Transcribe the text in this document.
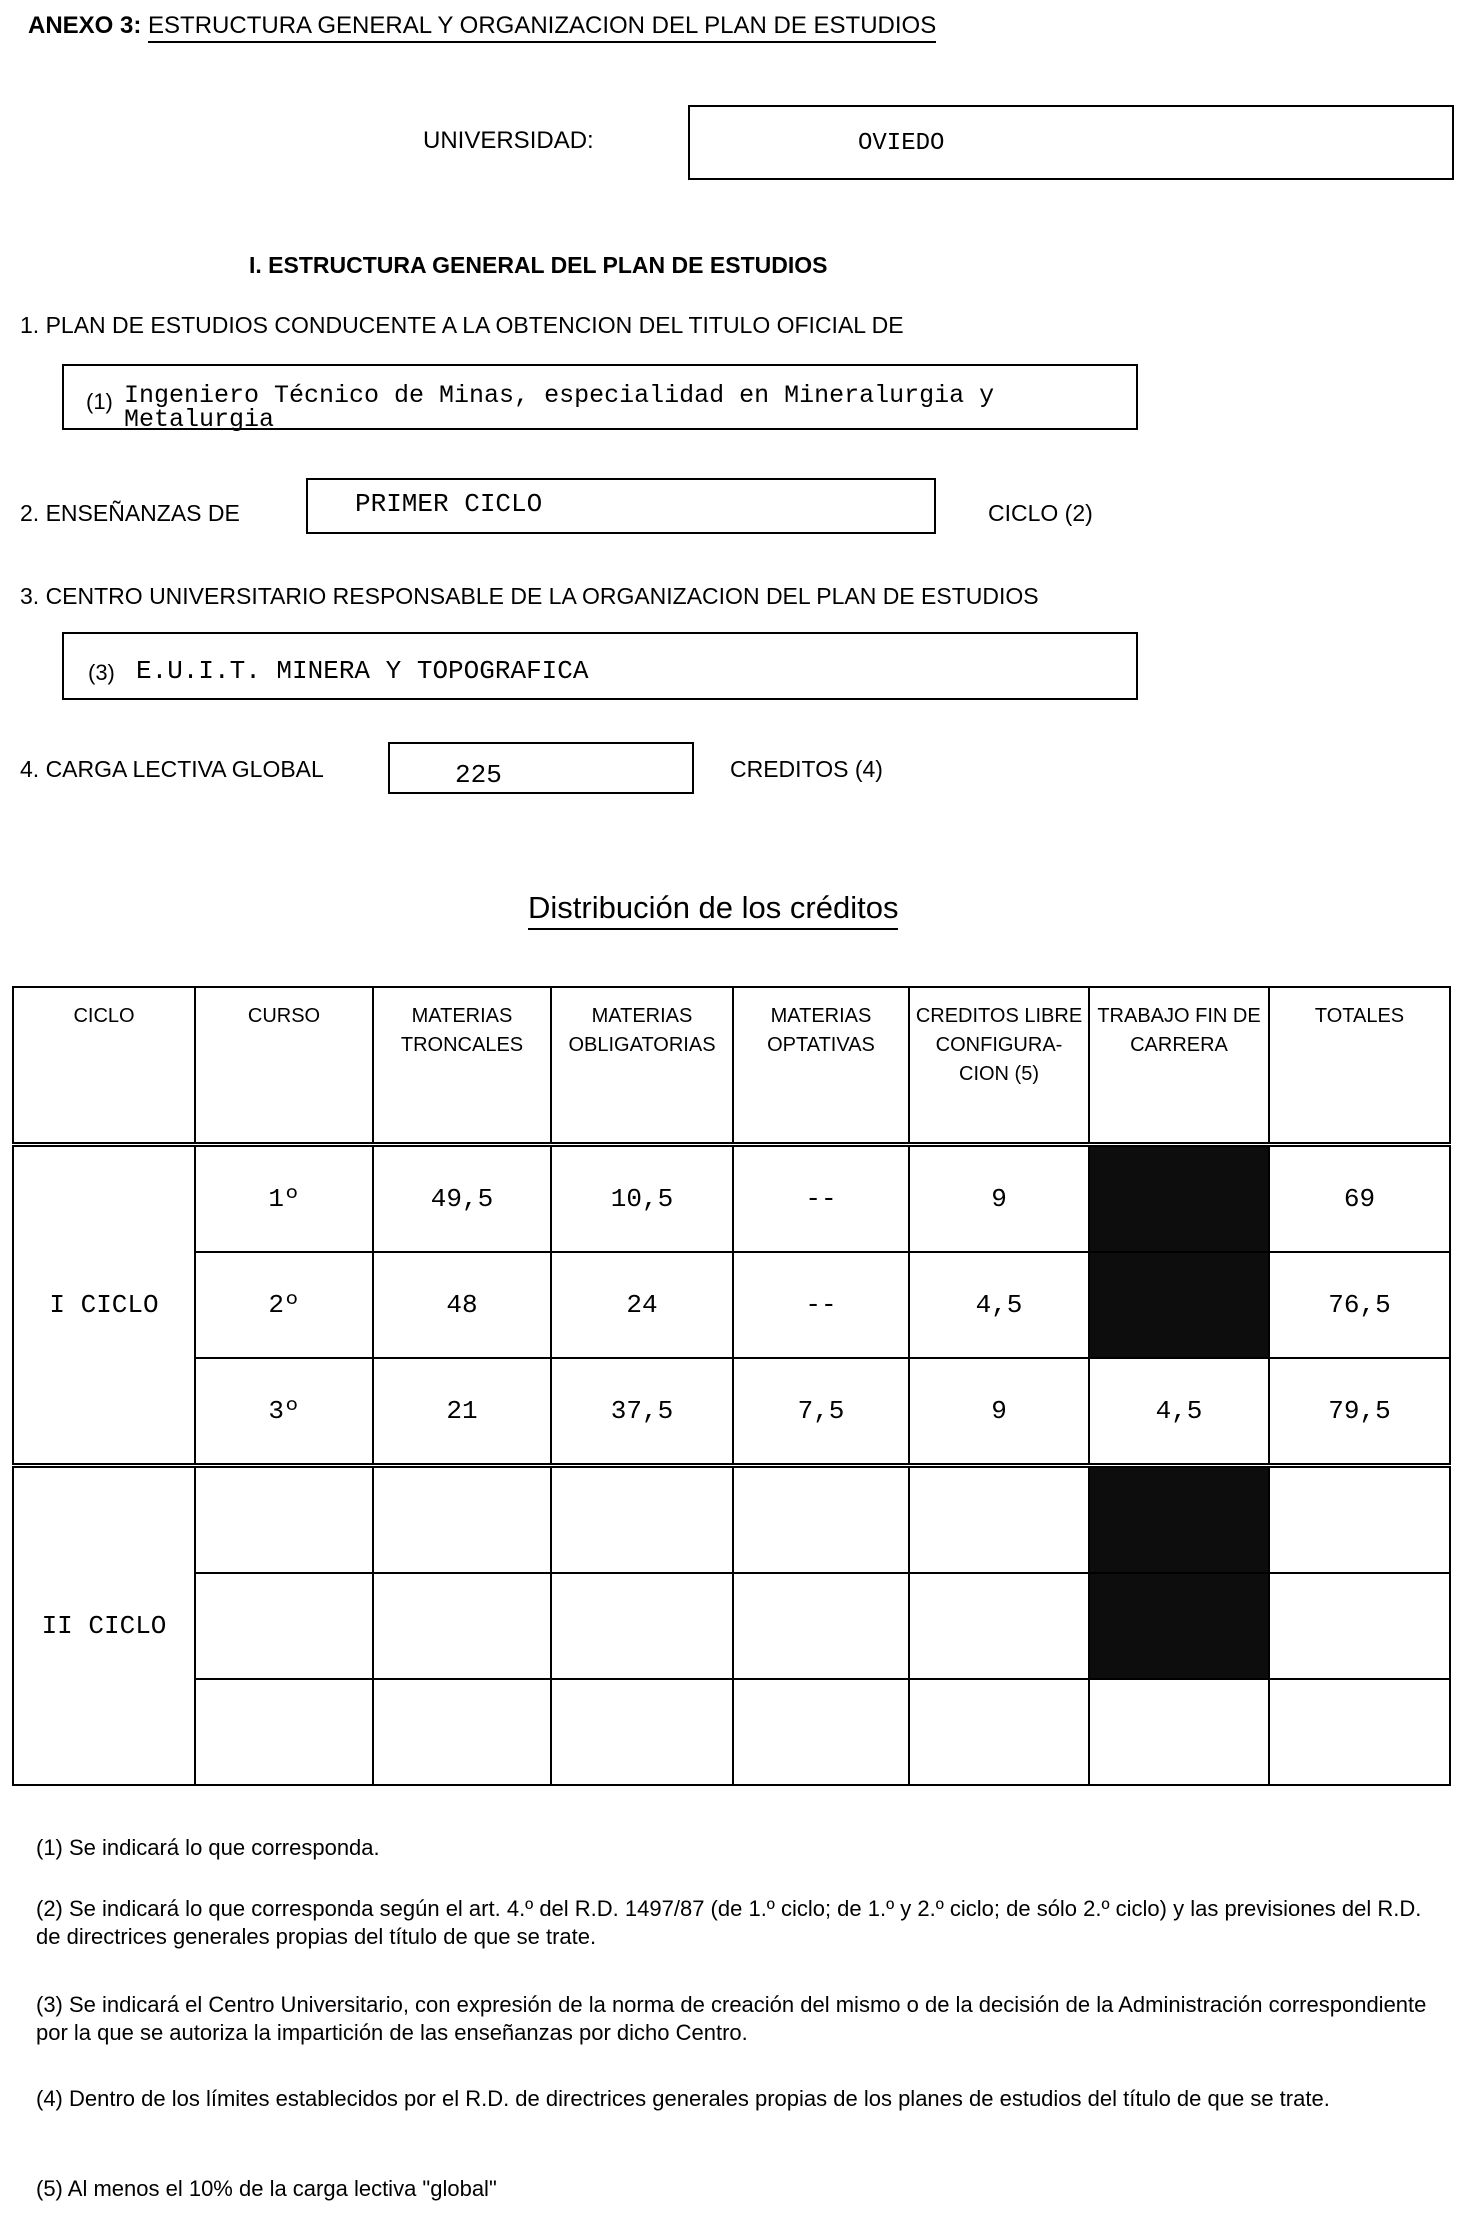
ANEXO 3: ESTRUCTURA GENERAL Y ORGANIZACION DEL PLAN DE ESTUDIOS
UNIVERSIDAD:	OVIEDO
I. ESTRUCTURA GENERAL DEL PLAN DE ESTUDIOS
1. PLAN DE ESTUDIOS CONDUCENTE A LA OBTENCION DEL TITULO OFICIAL DE
(1) Ingeniero Técnico de Minas, especialidad en Mineralurgia y Metalurgia
2. ENSEÑANZAS DE	PRIMER CICLO	CICLO (2)
3. CENTRO UNIVERSITARIO RESPONSABLE DE LA ORGANIZACION DEL PLAN DE ESTUDIOS
(3) E.U.I.T. MINERA Y TOPOGRAFICA
4. CARGA LECTIVA GLOBAL	225	CREDITOS (4)
Distribución de los créditos
CICLO	CURSO	MATERIAS TRONCALES	MATERIAS OBLIGATORIAS	MATERIAS OPTATIVAS	CREDITOS LIBRE CONFIGURA- CION (5)	TRABAJO FIN DE CARRERA	TOTALES
I CICLO	1º	49,5	10,5	--	9		69
	2º	48	24	--	4,5		76,5
	3º	21	37,5	7,5	9	4,5	79,5
II CICLO							

(1) Se indicará lo que corresponda.
(2) Se indicará lo que corresponda según el art. 4.º del R.D. 1497/87 (de 1.º ciclo; de 1.º y 2.º ciclo; de sólo 2.º ciclo) y las previsiones del R.D. de directrices generales propias del título de que se trate.
(3) Se indicará el Centro Universitario, con expresión de la norma de creación del mismo o de la decisión de la Administración correspondiente por la que se autoriza la impartición de las enseñanzas por dicho Centro.
(4) Dentro de los límites establecidos por el R.D. de directrices generales propias de los planes de estudios del título de que se trate.
(5) Al menos el 10% de la carga lectiva "global"
